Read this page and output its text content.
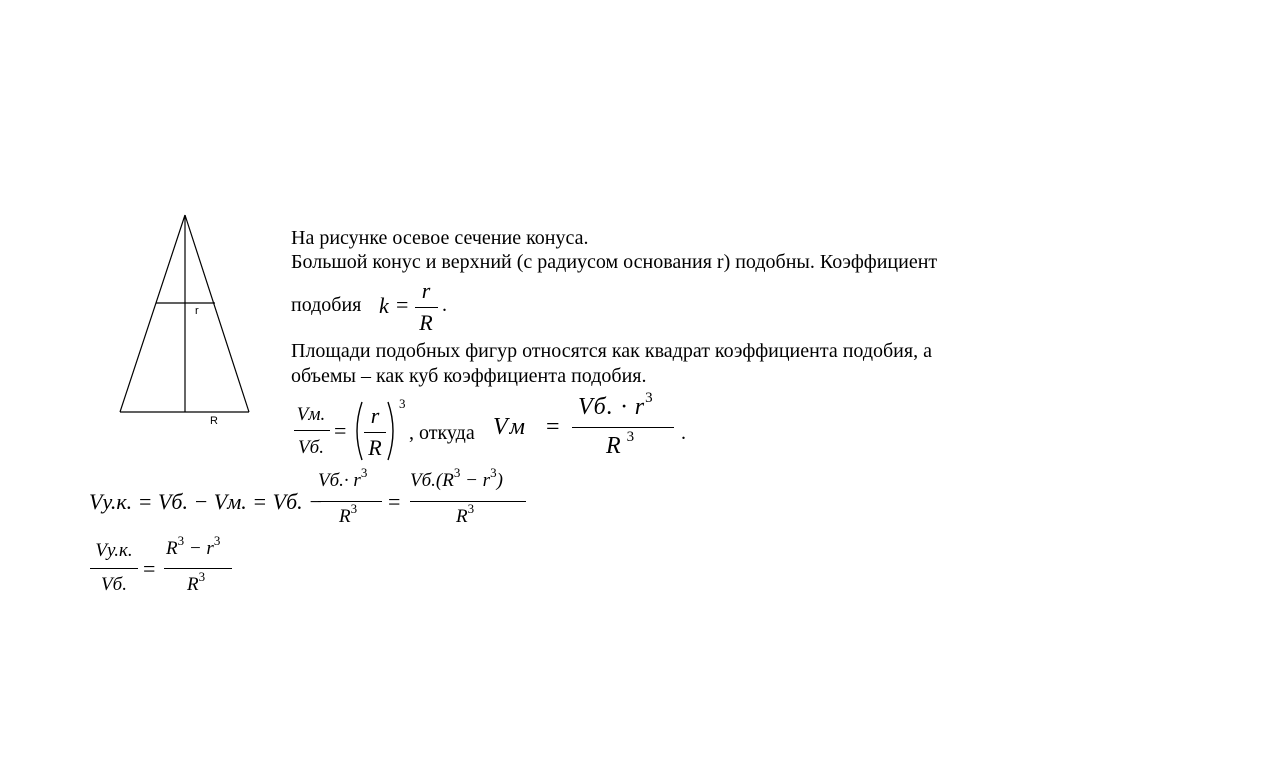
r
R
На рисунке осевое сечение конуса.
Большой конус и верхний (с радиусом основания r) подобны. Коэффициент
подобия k =
r
R
.
Площади подобных фигур относятся как квадрат коэффициента подобия, а
объемы – как куб коэффициента подобия.
Vм.
Vб.
=
r
R
3
, откуда Vм =
Vб. · $r^3$
R $^3$ .
Vу.к. = Vб. − Vм. = Vб. −
$Vб.\cdot r^3$
$R^3$ =
$Vб.(R^3 - r^3)$
$R^3$
Vу.к.
Vб.
=
$R^3 - r^3$
$R^3$
